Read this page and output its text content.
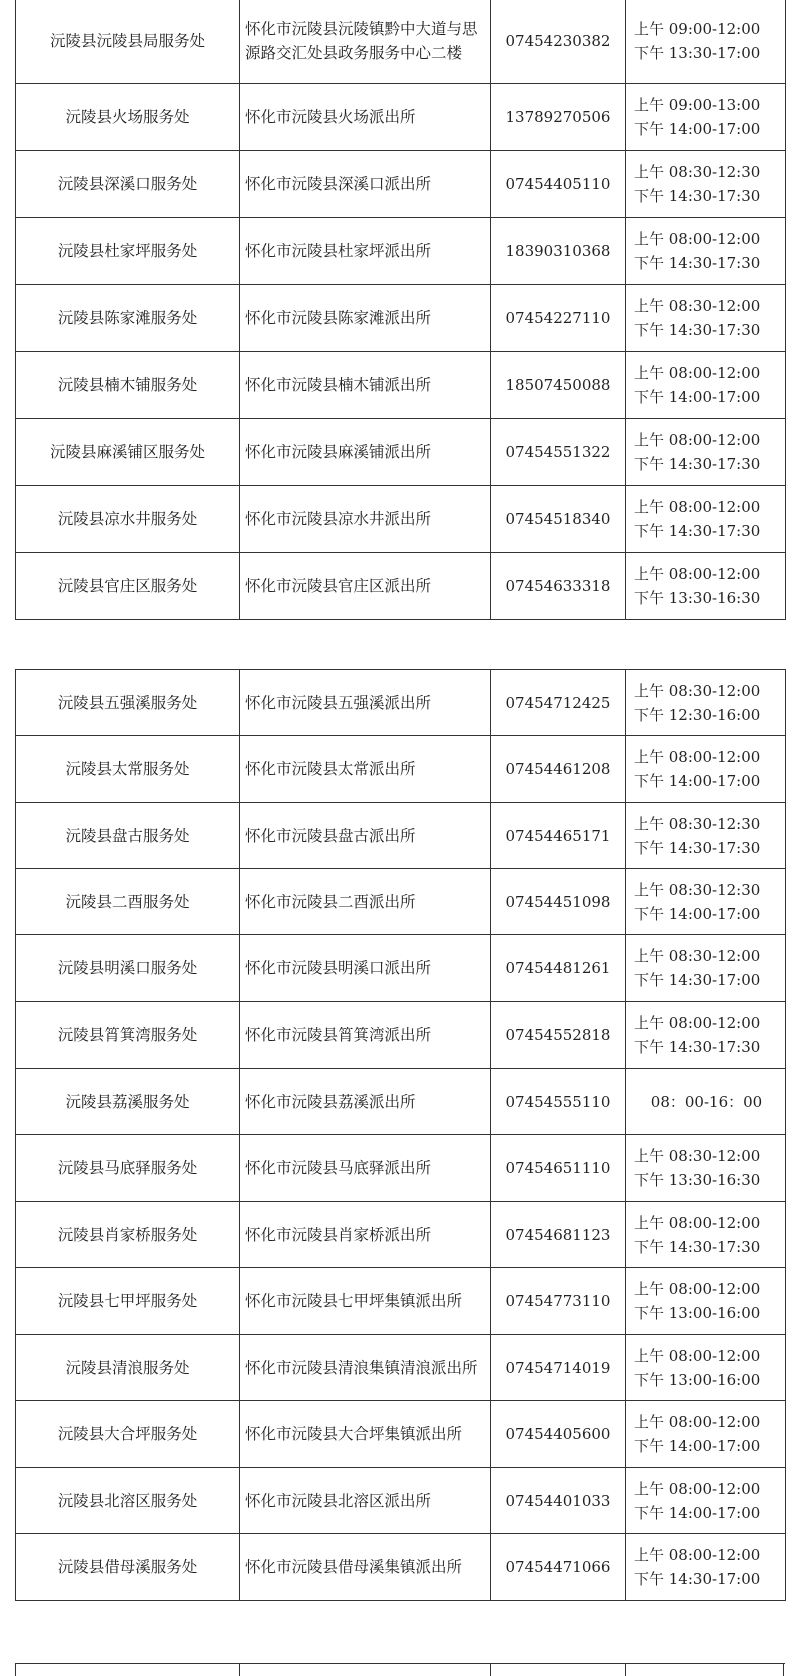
沅陵县沅陵县局服务处	怀化市沅陵县沅陵镇黔中大道与思源路交汇处县政务服务中心二楼	07454230382	上午 09:00-12:00
下午 13:30-17:00

沅陵县火场服务处	怀化市沅陵县火场派出所	13789270506	上午 09:00-13:00
下午 14:00-17:00

沅陵县深溪口服务处	怀化市沅陵县深溪口派出所	07454405110	上午 08:30-12:30
下午 14:30-17:30

沅陵县杜家坪服务处	怀化市沅陵县杜家坪派出所	18390310368	上午 08:00-12:00
下午 14:30-17:30

沅陵县陈家滩服务处	怀化市沅陵县陈家滩派出所	07454227110	上午 08:30-12:00
下午 14:30-17:30

沅陵县楠木铺服务处	怀化市沅陵县楠木铺派出所	18507450088	上午 08:00-12:00
下午 14:00-17:00

沅陵县麻溪铺区服务处	怀化市沅陵县麻溪铺派出所	07454551322	上午 08:00-12:00
下午 14:30-17:30

沅陵县凉水井服务处	怀化市沅陵县凉水井派出所	07454518340	上午 08:00-12:00
下午 14:30-17:30

沅陵县官庄区服务处	怀化市沅陵县官庄区派出所	07454633318	上午 08:00-12:00
下午 13:30-16:30
沅陵县五强溪服务处	怀化市沅陵县五强溪派出所	07454712425	上午 08:30-12:00
下午 12:30-16:00

沅陵县太常服务处	怀化市沅陵县太常派出所	07454461208	上午 08:00-12:00
下午 14:00-17:00

沅陵县盘古服务处	怀化市沅陵县盘古派出所	07454465171	上午 08:30-12:30
下午 14:30-17:30

沅陵县二酉服务处	怀化市沅陵县二酉派出所	07454451098	上午 08:30-12:30
下午 14:00-17:00

沅陵县明溪口服务处	怀化市沅陵县明溪口派出所	07454481261	上午 08:30-12:00
下午 14:30-17:00

沅陵县筲箕湾服务处	怀化市沅陵县筲箕湾派出所	07454552818	上午 08:00-12:00
下午 14:30-17:30

沅陵县荔溪服务处	怀化市沅陵县荔溪派出所	07454555110	08：00-16：00

沅陵县马底驿服务处	怀化市沅陵县马底驿派出所	07454651110	上午 08:30-12:00
下午 13:30-16:30

沅陵县肖家桥服务处	怀化市沅陵县肖家桥派出所	07454681123	上午 08:00-12:00
下午 14:30-17:30

沅陵县七甲坪服务处	怀化市沅陵县七甲坪集镇派出所	07454773110	上午 08:00-12:00
下午 13:00-16:00

沅陵县清浪服务处	怀化市沅陵县清浪集镇清浪派出所	07454714019	上午 08:00-12:00
下午 13:00-16:00

沅陵县大合坪服务处	怀化市沅陵县大合坪集镇派出所	07454405600	上午 08:00-12:00
下午 14:00-17:00

沅陵县北溶区服务处	怀化市沅陵县北溶区派出所	07454401033	上午 08:00-12:00
下午 14:00-17:00

沅陵县借母溪服务处	怀化市沅陵县借母溪集镇派出所	07454471066	上午 08:00-12:00
下午 14:30-17:00
